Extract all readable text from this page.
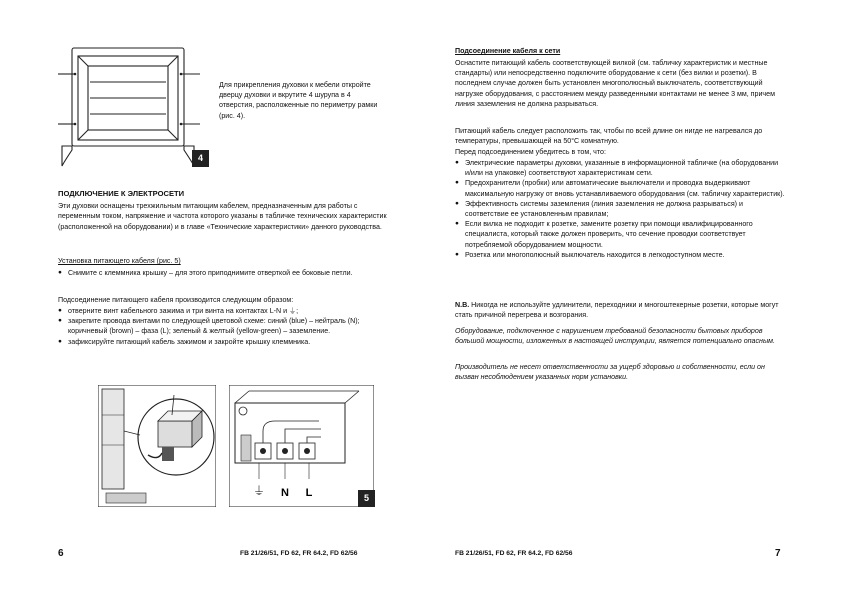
4

Для прикрепления духовки к мебели откройте дверцу духовки и вкрутите 4 шурупа в 4 отверстия, расположенные по периметру рамки (рис. 4).

ПОДКЛЮЧЕНИЕ К ЭЛЕКТРОСЕТИ

Эти духовки оснащены трехжильным питающим кабелем, предназначенным для работы с переменным током, напряжение и частота которого указаны в табличке технических характеристик (расположенной на оборудовании) и в главе «Технические характеристики» данного руководства.

Установка питающего кабеля (рис. 5)

● Снимите с клеммника крышку – для этого приподнимите отверткой ее боковые петли.

Подсоединение питающего кабеля производится следующим образом:

● отверните винт кабельного зажима и три винта на контактах L-N и ⏚;
● закрепите провода винтами по следующей цветовой схеме: синий (blue) – нейтраль (N); коричневый (brown) – фаза (L); зеленый & желтый (yellow-green) – заземление.
● зафиксируйте питающий кабель зажимом и закройте крышку клеммника.
⏚ N L	5
6	FB 21/26/51, FD 62, FR 64.2, FD 62/56
Подсоединение кабеля к сети

Оснастите питающий кабель соответствующей вилкой (см. табличку характеристик и местные стандарты) или непосредственно подключите оборудование к сети (без вилки и розетки). В последнем случае должен быть установлен многополюсный выключатель, соответствующий нагрузке оборудования, с расстоянием между разведенными контактами не менее 3 мм, причем линия заземления не должна разрываться.

Питающий кабель следует расположить так, чтобы по всей длине он нигде не нагревался до температуры, превышающей на 50°С комнатную.

Перед подсоединением убедитесь в том, что:

● Электрические параметры духовки, указанные в информационной табличке (на оборудовании и/или на упаковке) соответствуют характеристикам сети.
● Предохранители (пробки) или автоматические выключатели и проводка выдерживают максимальную нагрузку от вновь устанавливаемого оборудования (см. табличку характеристик).
● Эффективность системы заземления (линия заземления не должна разрываться) и соответствие ее установленным правилам;
● Если вилка не подходит к розетке, замените розетку при помощи квалифицированного специалиста, который также должен проверить, что сечение проводки соответствует потребляемой оборудованием мощности.
● Розетка или многополюсный выключатель находится в легкодоступном месте.

N.B. Никогда не используйте удлинители, переходники и многоштекерные розетки, которые могут стать причиной перегрева и возгорания.

Оборудование, подключенное с нарушением требований безопасности бытовых приборов большой мощности, изложенных в настоящей инструкции, является потенциально опасным.

Производитель не несет ответственности за ущерб здоровью и собственности, если он вызван несоблюдением указанных норм установки.

FB 21/26/51, FD 62, FR 64.2, FD 62/56	7
